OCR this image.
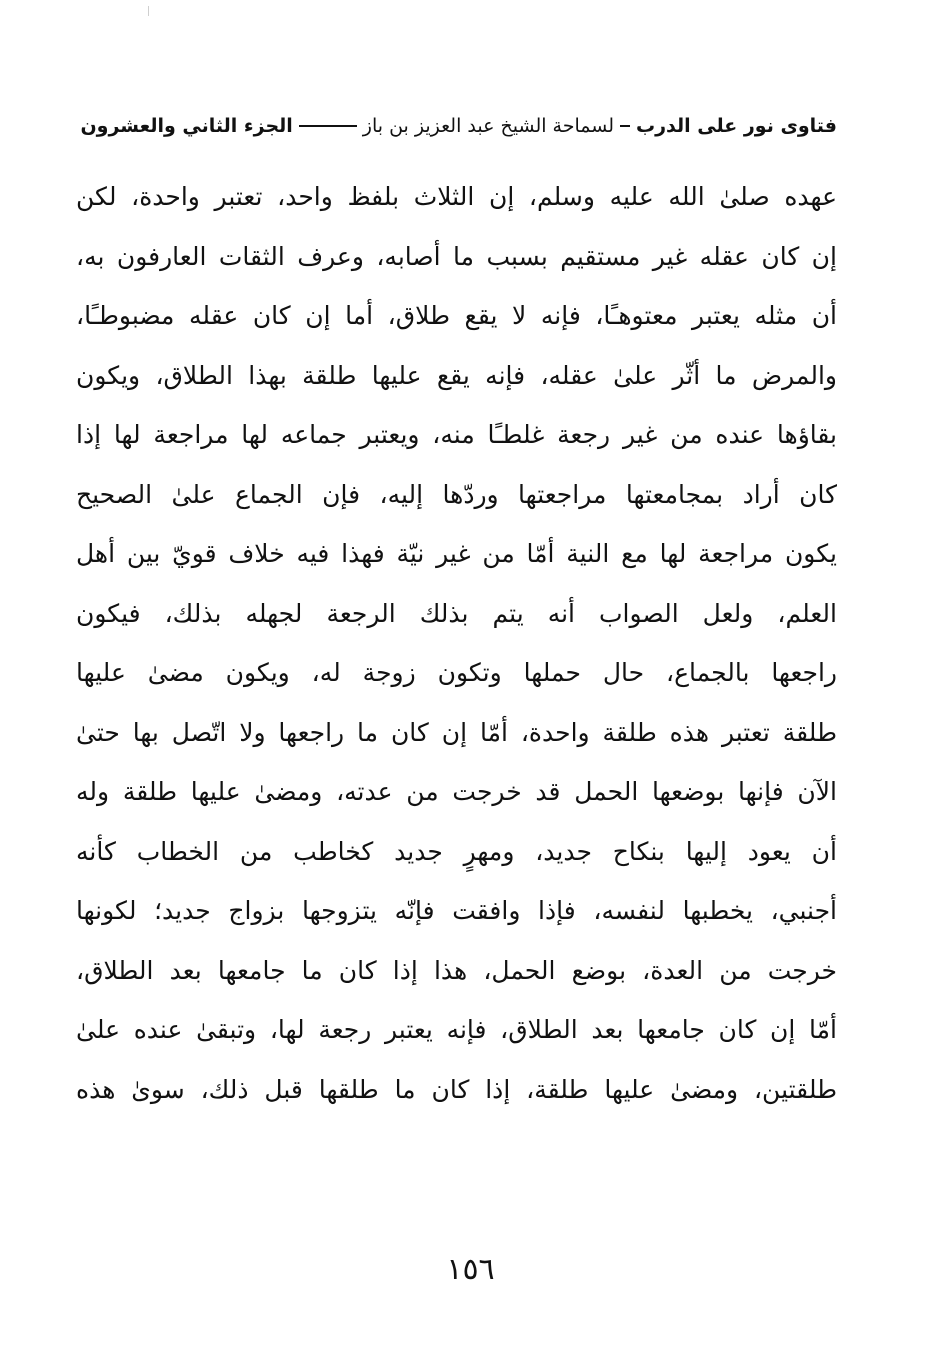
فتاوى نور على الدرب
لسماحة الشيخ عبد العزيز بن باز
الجزء الثاني والعشرون
عهده صلىٰ الله عليه وسلم، إن الثلاث بلفظ واحد، تعتبر واحدة، لكن
إن كان عقله غير مستقيم بسبب ما أصابه، وعرف الثقات العارفون به،
أن مثله يعتبر معتوهـًا، فإنه لا يقع طلاق، أما إن كان عقله مضبوطـًا،
والمرض ما أثّر علىٰ عقله، فإنه يقع عليها طلقة بهذا الطلاق، ويكون
بقاؤها عنده من غير رجعة غلطـًا منه، ويعتبر جماعه لها مراجعة لها إذا
كان أراد بمجامعتها مراجعتها وردّها إليه، فإن الجماع علىٰ الصحيح
يكون مراجعة لها مع النية أمّا من غير نيّة فهذا فيه خلاف قويّ بين أهل
العلم، ولعل الصواب أنه يتم بذلك الرجعة لجهله بذلك، فيكون
راجعها بالجماع، حال حملها وتكون زوجة له، ويكون مضىٰ عليها
طلقة تعتبر هذه طلقة واحدة، أمّا إن كان ما راجعها ولا اتّصل بها حتىٰ
الآن فإنها بوضعها الحمل قد خرجت من عدته، ومضىٰ عليها طلقة وله
أن يعود إليها بنكاح جديد، ومهرٍ جديد كخاطب من الخطاب كأنه
أجنبي، يخطبها لنفسه، فإذا وافقت فإنّه يتزوجها بزواج جديد؛ لكونها
خرجت من العدة، بوضع الحمل، هذا إذا كان ما جامعها بعد الطلاق،
أمّا إن كان جامعها بعد الطلاق، فإنه يعتبر رجعة لها، وتبقىٰ عنده علىٰ
طلقتين، ومضىٰ عليها طلقة، إذا كان ما طلقها قبل ذلك، سوىٰ هذه
١٥٦
